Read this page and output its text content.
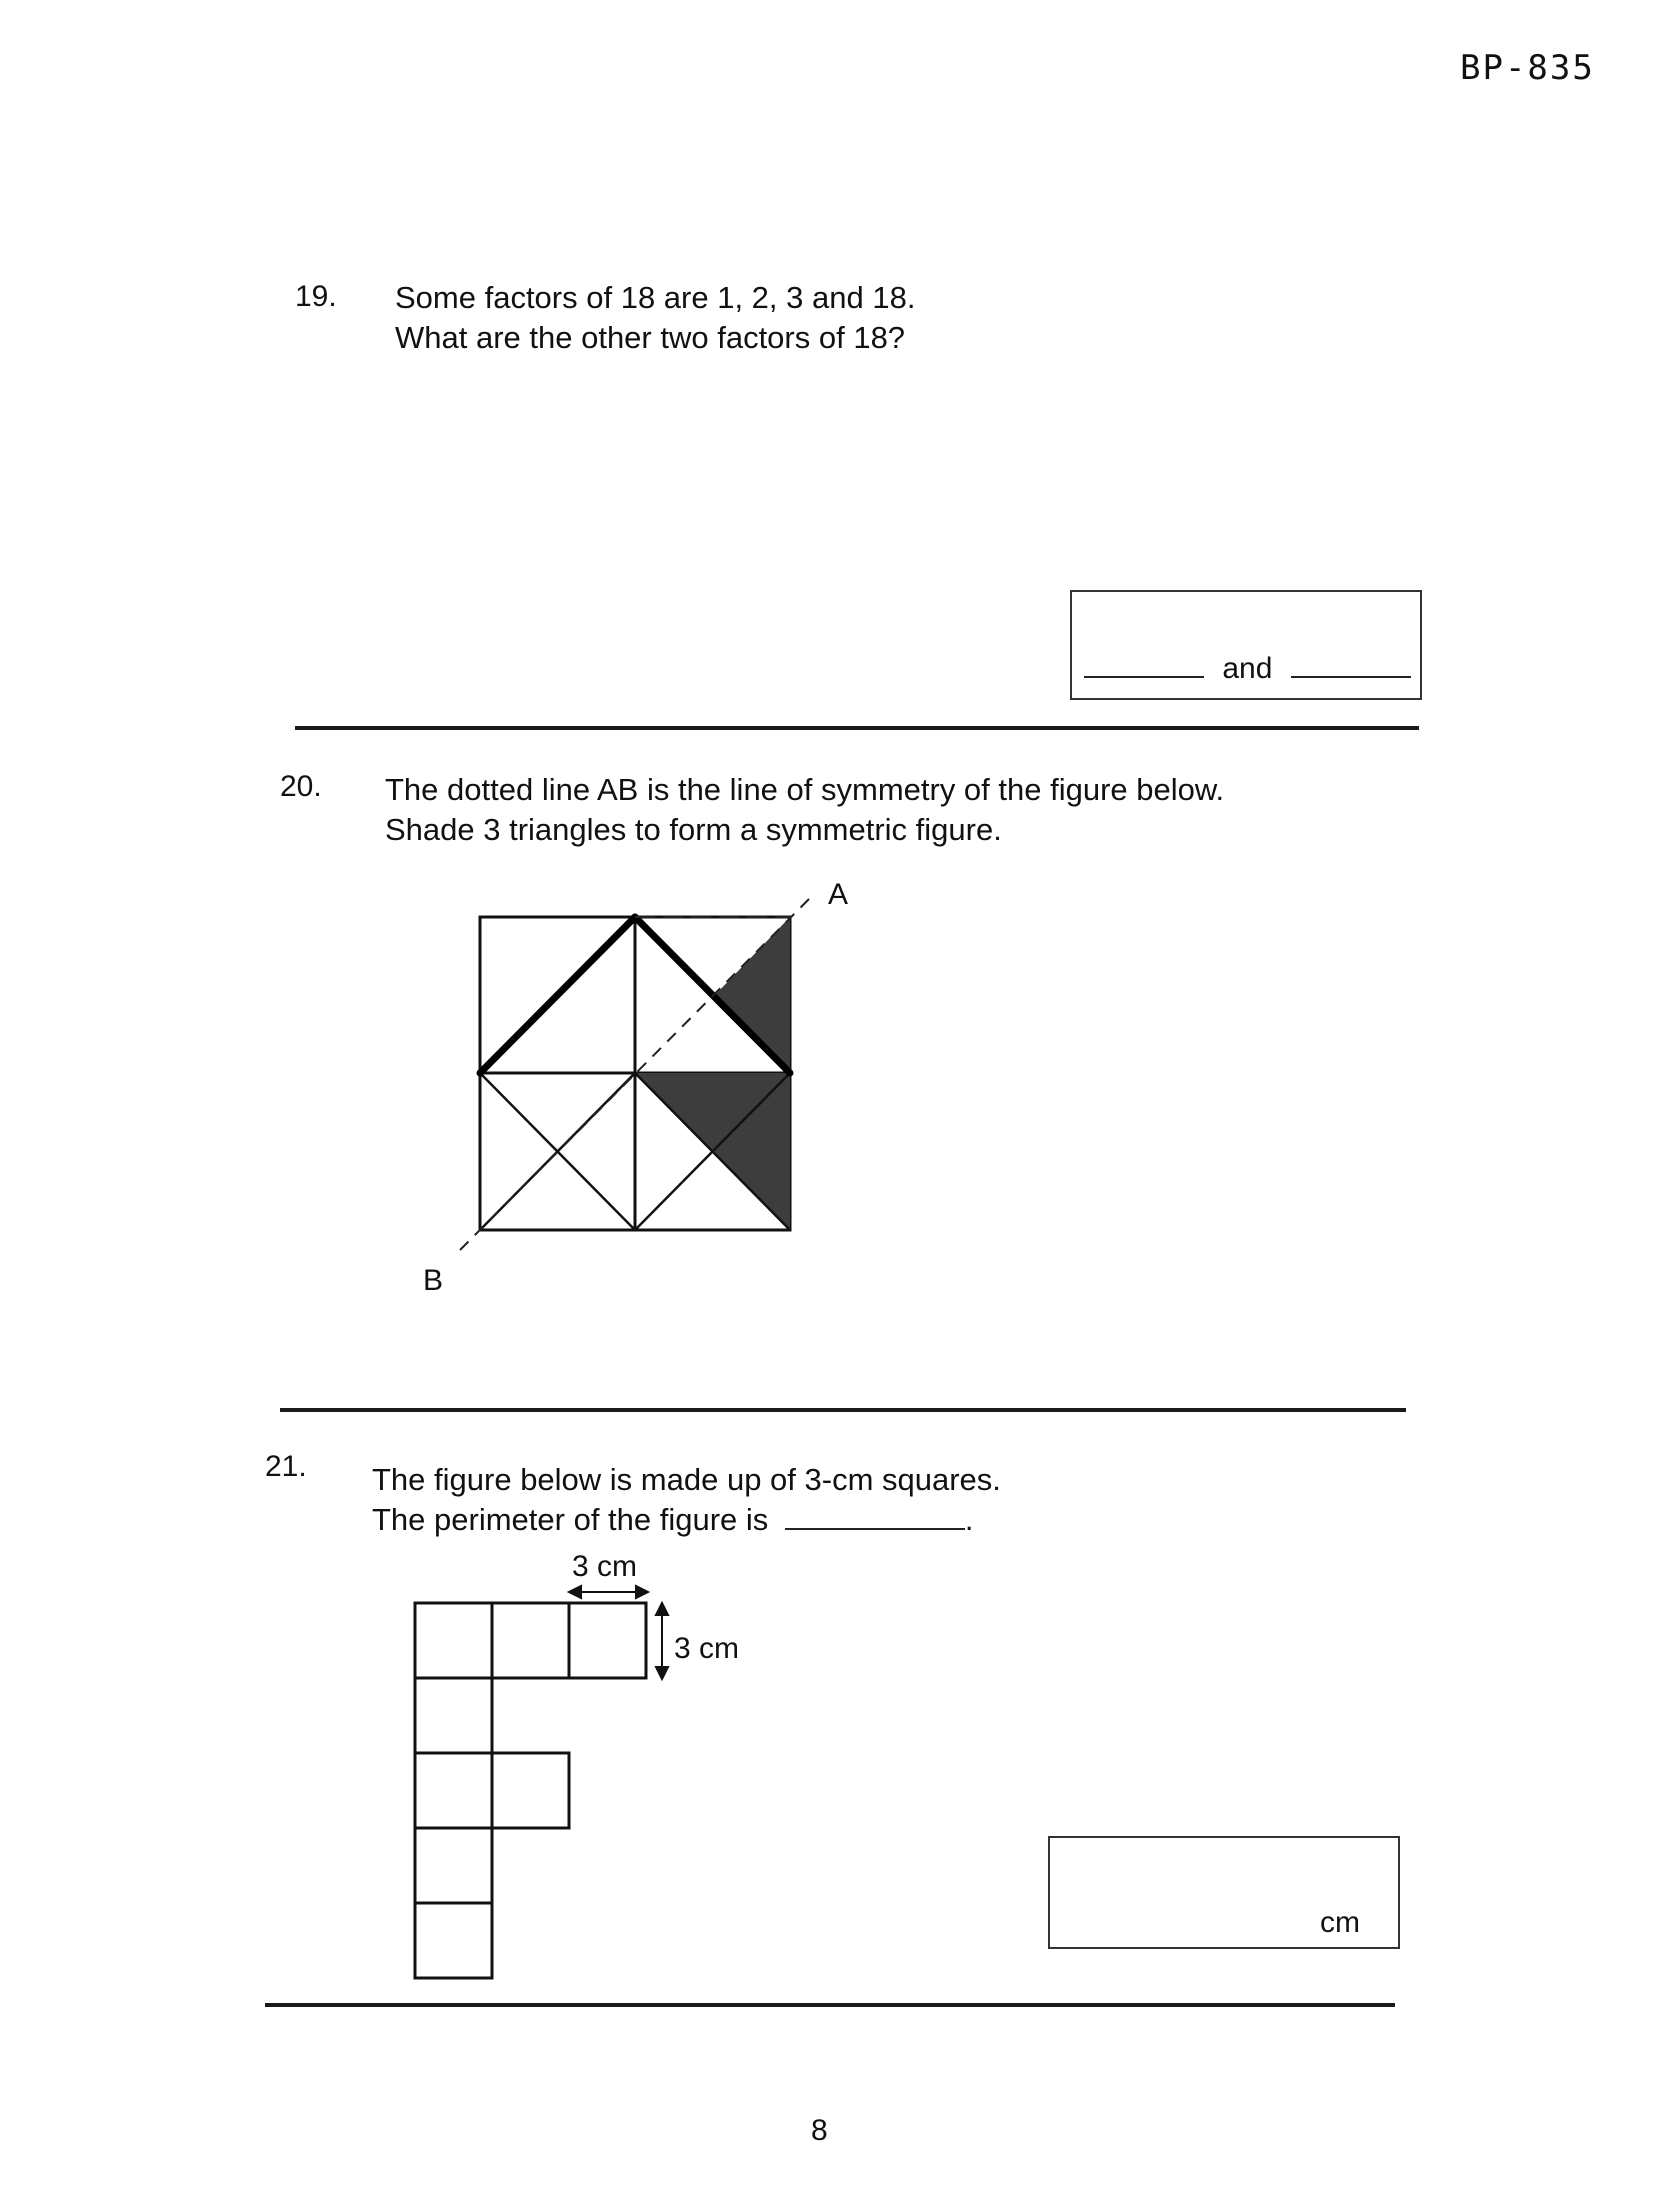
BP-835
19. Some factors of 18 are 1, 2, 3 and 18.
What are the other two factors of 18?
and
20. The dotted line AB is the line of symmetry of the figure below.
Shade 3 triangles to form a symmetric figure.
A
B
21. The figure below is made up of 3-cm squares.
The perimeter of the figure is	.
3 cm
3 cm
cm
8
